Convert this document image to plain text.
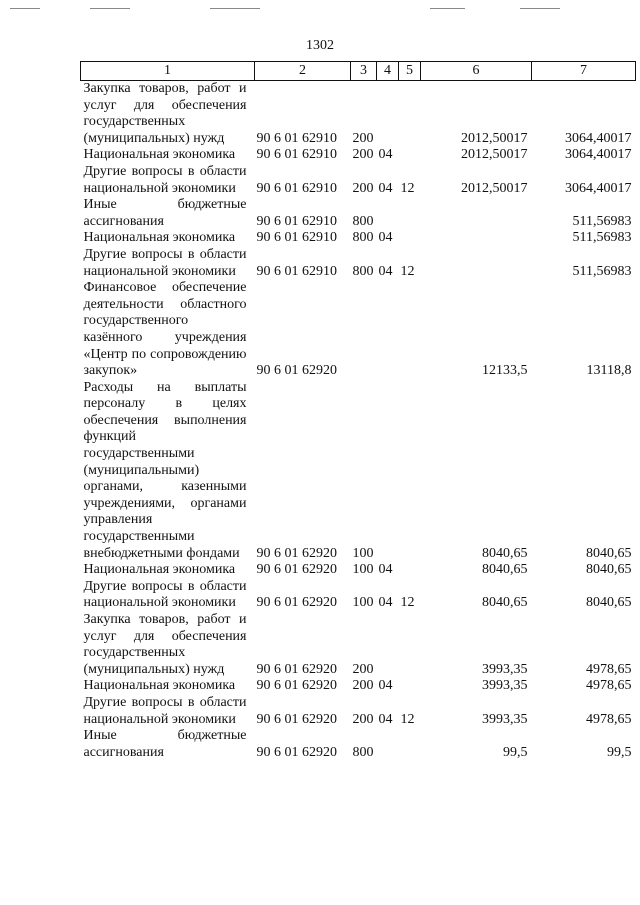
1302
1	2	3	4	5	6	7
Закупка товаров, работ и услуг для обеспечения государственных (муниципальных) нужд	90 6 01 62910	200			2012,50017	3064,40017
Национальная экономика	90 6 01 62910	200	04		2012,50017	3064,40017
Другие вопросы в области национальной экономики	90 6 01 62910	200	04	12	2012,50017	3064,40017
Иные бюджетные ассигнования	90 6 01 62910	800				511,56983
Национальная экономика	90 6 01 62910	800	04			511,56983
Другие вопросы в области национальной экономики	90 6 01 62910	800	04	12		511,56983
Финансовое обеспечение деятельности областного государственного казённого учреждения «Центр по сопровождению закупок»	90 6 01 62920				12133,5	13118,8
Расходы на выплаты персоналу в целях обеспечения выполнения функций государственными (муниципальными) органами, казенными учреждениями, органами управления государственными внебюджетными фондами	90 6 01 62920	100			8040,65	8040,65
Национальная экономика	90 6 01 62920	100	04		8040,65	8040,65
Другие вопросы в области национальной экономики	90 6 01 62920	100	04	12	8040,65	8040,65
Закупка товаров, работ и услуг для обеспечения государственных (муниципальных) нужд	90 6 01 62920	200			3993,35	4978,65
Национальная экономика	90 6 01 62920	200	04		3993,35	4978,65
Другие вопросы в области национальной экономики	90 6 01 62920	200	04	12	3993,35	4978,65
Иные бюджетные ассигнования	90 6 01 62920	800			99,5	99,5
